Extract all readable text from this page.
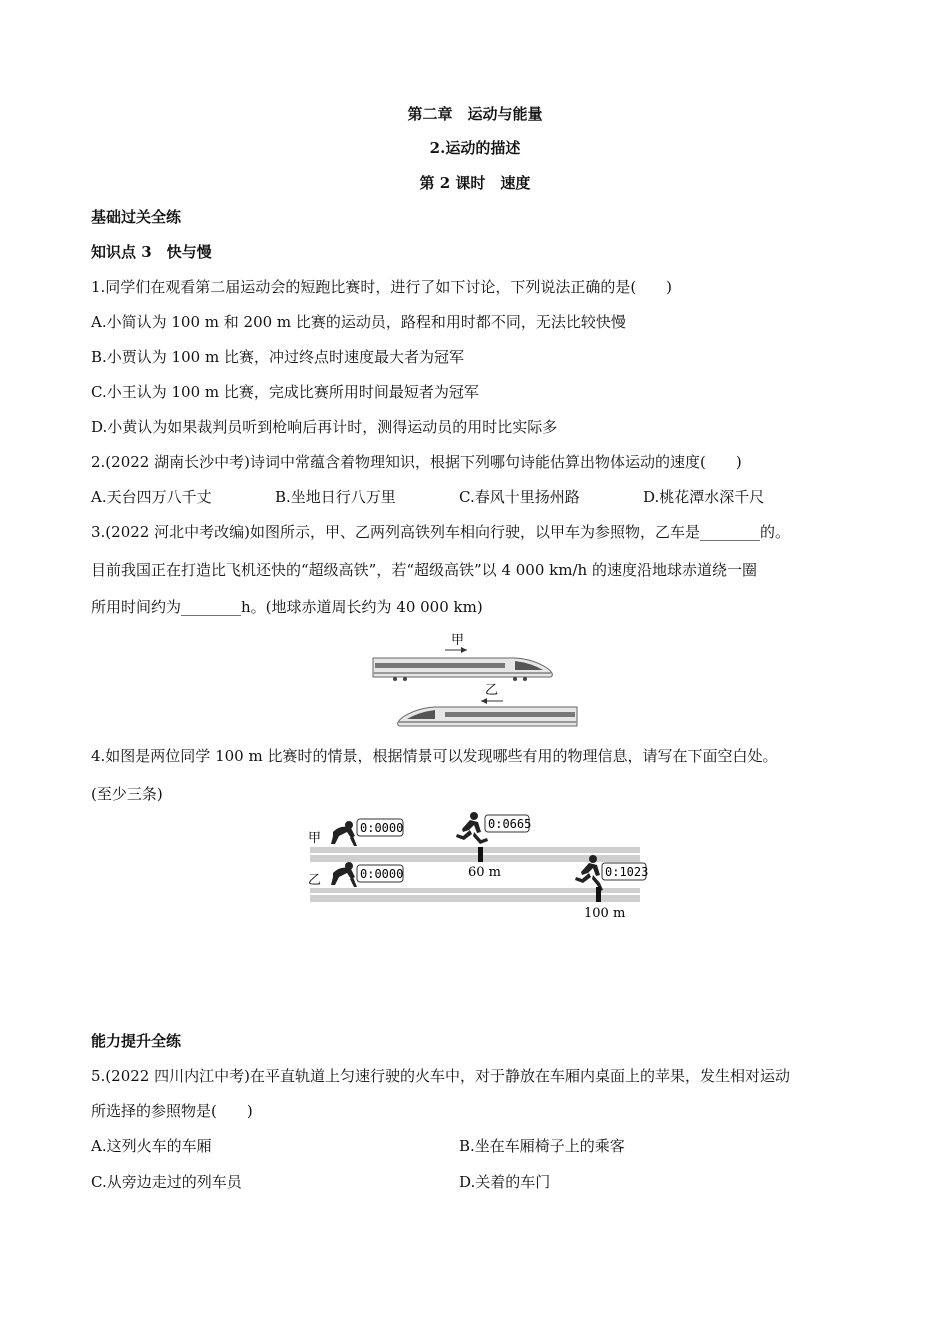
第二章　运动与能量
2.运动的描述
第 2 课时　速度
基础过关全练
知识点 3　快与慢
1.同学们在观看第二届运动会的短跑比赛时，进行了如下讨论，下列说法正确的是(　　)
A.小简认为 100 m 和 200 m 比赛的运动员，路程和用时都不同，无法比较快慢
B.小贾认为 100 m 比赛，冲过终点时速度最大者为冠军
C.小王认为 100 m 比赛，完成比赛所用时间最短者为冠军
D.小黄认为如果裁判员听到枪响后再计时，测得运动员的用时比实际多
2.(2022 湖南长沙中考)诗词中常蕴含着物理知识，根据下列哪句诗能估算出物体运动的速度(　　)
A.天台四万八千丈	B.坐地日行八万里	C.春风十里扬州路	D.桃花潭水深千尺
3.(2022 河北中考改编)如图所示，甲、乙两列高铁列车相向行驶，以甲车为参照物，乙车是________的。
目前我国正在打造比飞机还快的“超级高铁”，若“超级高铁”以 4 000 km/h 的速度沿地球赤道绕一圈
所用时间约为________h。(地球赤道周长约为 40 000 km)
甲
乙
4.如图是两位同学 100 m 比赛时的情景，根据情景可以发现哪些有用的物理信息，请写在下面空白处。
(至少三条)
甲
乙
0:0000	0:0665
60 m
0:0000	0:1023
100 m
能力提升全练
5.(2022 四川内江中考)在平直轨道上匀速行驶的火车中，对于静放在车厢内桌面上的苹果，发生相对运动
所选择的参照物是(　　)
A.这列火车的车厢	B.坐在车厢椅子上的乘客
C.从旁边走过的列车员	D.关着的车门
